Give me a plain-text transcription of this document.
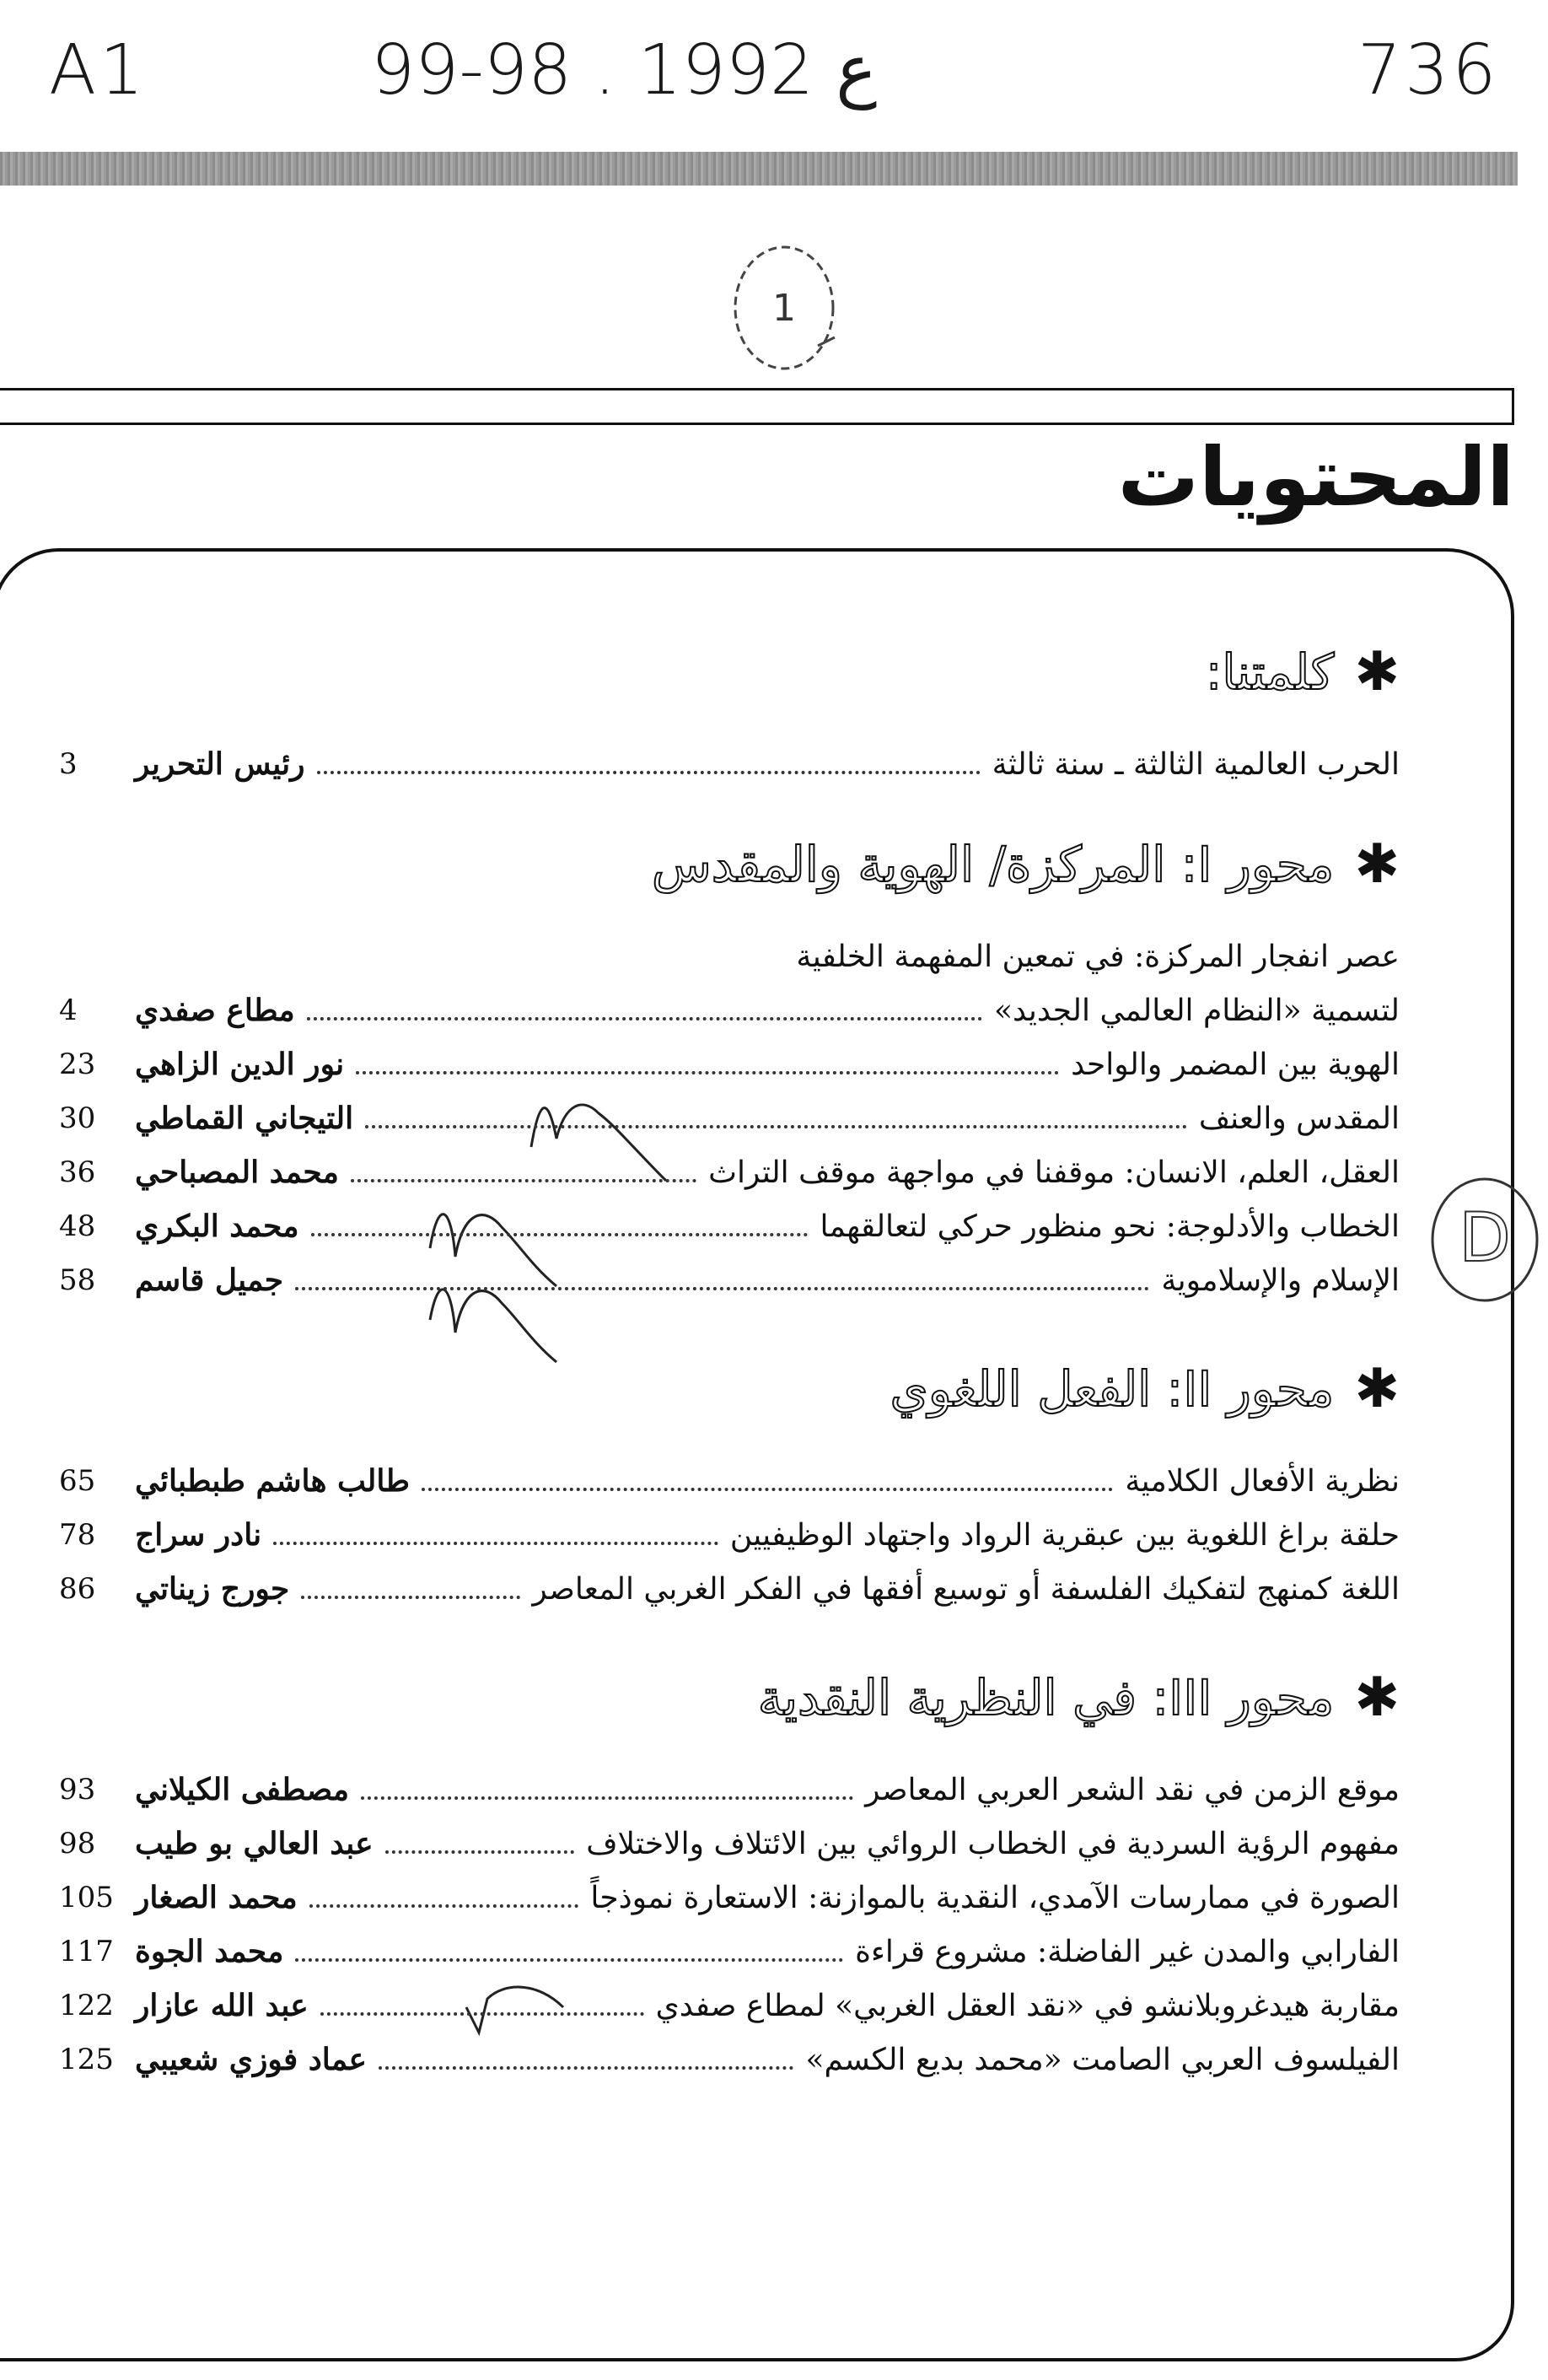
A1	99-98 . ع 1992	736
1
المحتويات
D
✱
كلمتنا:
الحرب العالمية الثالثة ـ سنة ثالثة
رئيس التحرير
3
✱
محور I: المركزة/ الهوية والمقدس
عصر انفجار المركزة: في تمعين المفهمة الخلفية
لتسمية «النظام العالمي الجديد»
مطاع صفدي
4
الهوية بين المضمر والواحد
نور الدين الزاهي
23
المقدس والعنف
التيجاني القماطي
30
العقل، العلم، الانسان: موقفنا في مواجهة موقف التراث
محمد المصباحي
36
الخطاب والأدلوجة: نحو منظور حركي لتعالقهما
محمد البكري
48
الإسلام والإسلاموية
جميل قاسم
58
✱
محور II: الفعل اللغوي
نظرية الأفعال الكلامية
طالب هاشم طبطبائي
65
حلقة براغ اللغوية بين عبقرية الرواد واجتهاد الوظيفيين
نادر سراج
78
اللغة كمنهج لتفكيك الفلسفة أو توسيع أفقها في الفكر الغربي المعاصر
جورج زيناتي
86
✱
محور III: في النظرية النقدية
موقع الزمن في نقد الشعر العربي المعاصر
مصطفى الكيلاني
93
مفهوم الرؤية السردية في الخطاب الروائي بين الائتلاف والاختلاف
عبد العالي بو طيب
98
الصورة في ممارسات الآمدي، النقدية بالموازنة: الاستعارة نموذجاً
محمد الصغار
105
الفارابي والمدن غير الفاضلة: مشروع قراءة
محمد الجوة
117
مقاربة هيدغروبلانشو في «نقد العقل الغربي» لمطاع صفدي
عبد الله عازار
122
الفيلسوف العربي الصامت «محمد بديع الكسم»
عماد فوزي شعيبي
125
